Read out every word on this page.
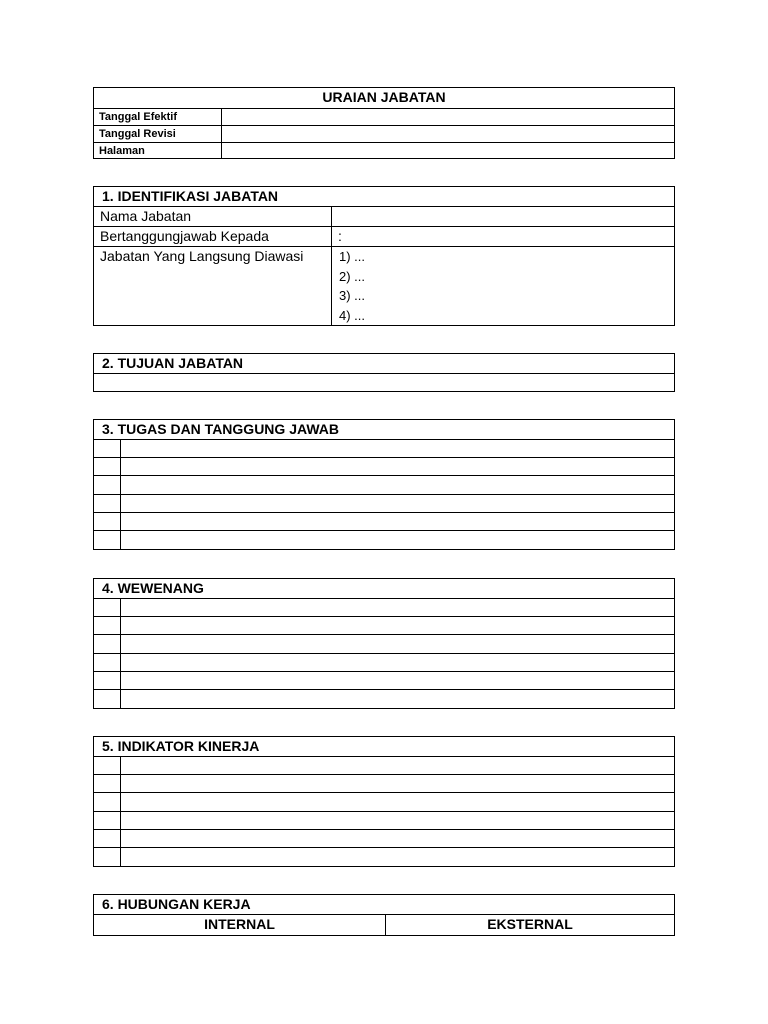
URAIAN JABATAN
Tanggal Efektif
Tanggal Revisi
Halaman
1. IDENTIFIKASI JABATAN
Nama Jabatan
Bertanggungjawab Kepada	:
Jabatan Yang Langsung Diawasi	1) ...
2) ...
3) ...
4) ...
2. TUJUAN JABATAN
3. TUGAS DAN TANGGUNG JAWAB
4. WEWENANG
5. INDIKATOR KINERJA
6. HUBUNGAN KERJA
INTERNAL	EKSTERNAL
